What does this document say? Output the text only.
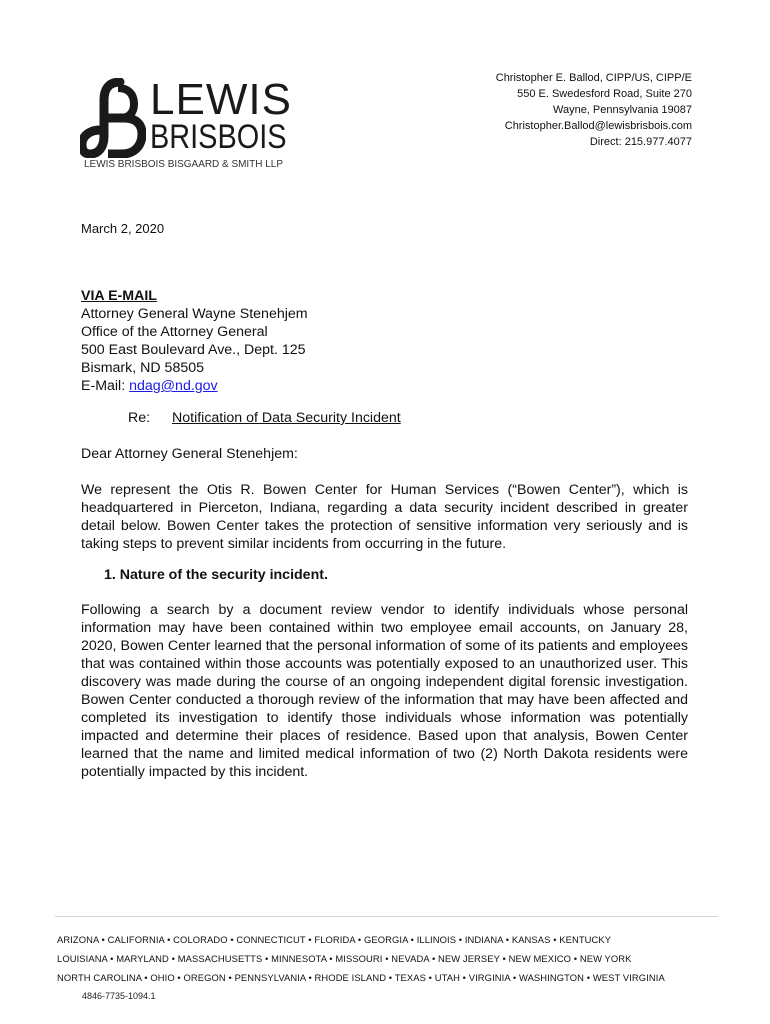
LEWIS
BRISBOIS
LEWIS BRISBOIS BISGAARD & SMITH LLP
Christopher E. Ballod, CIPP/US, CIPP/E
550 E. Swedesford Road, Suite 270
Wayne, Pennsylvania 19087
Christopher.Ballod@lewisbrisbois.com
Direct: 215.977.4077
March 2, 2020
VIA E-MAIL
Attorney General Wayne Stenehjem
Office of the Attorney General
500 East Boulevard Ave., Dept. 125
Bismark, ND 58505
E-Mail: ndag@nd.gov
Re: Notification of Data Security Incident
Dear Attorney General Stenehjem:
We represent the Otis R. Bowen Center for Human Services (“Bowen Center”), which is headquartered in Pierceton, Indiana, regarding a data security incident described in greater detail below. Bowen Center takes the protection of sensitive information very seriously and is taking steps to prevent similar incidents from occurring in the future.
1. Nature of the security incident.
Following a search by a document review vendor to identify individuals whose personal information may have been contained within two employee email accounts, on January 28, 2020, Bowen Center learned that the personal information of some of its patients and employees that was contained within those accounts was potentially exposed to an unauthorized user. This discovery was made during the course of an ongoing independent digital forensic investigation. Bowen Center conducted a thorough review of the information that may have been affected and completed its investigation to identify those individuals whose information was potentially impacted and determine their places of residence. Based upon that analysis, Bowen Center learned that the name and limited medical information of two (2) North Dakota residents were potentially impacted by this incident.
ARIZONA • CALIFORNIA • COLORADO • CONNECTICUT • FLORIDA • GEORGIA • ILLINOIS • INDIANA • KANSAS • KENTUCKY
LOUISIANA • MARYLAND • MASSACHUSETTS • MINNESOTA • MISSOURI • NEVADA • NEW JERSEY • NEW MEXICO • NEW YORK
NORTH CAROLINA • OHIO • OREGON • PENNSYLVANIA • RHODE ISLAND • TEXAS • UTAH • VIRGINIA • WASHINGTON • WEST VIRGINIA
4846-7735-1094.1
